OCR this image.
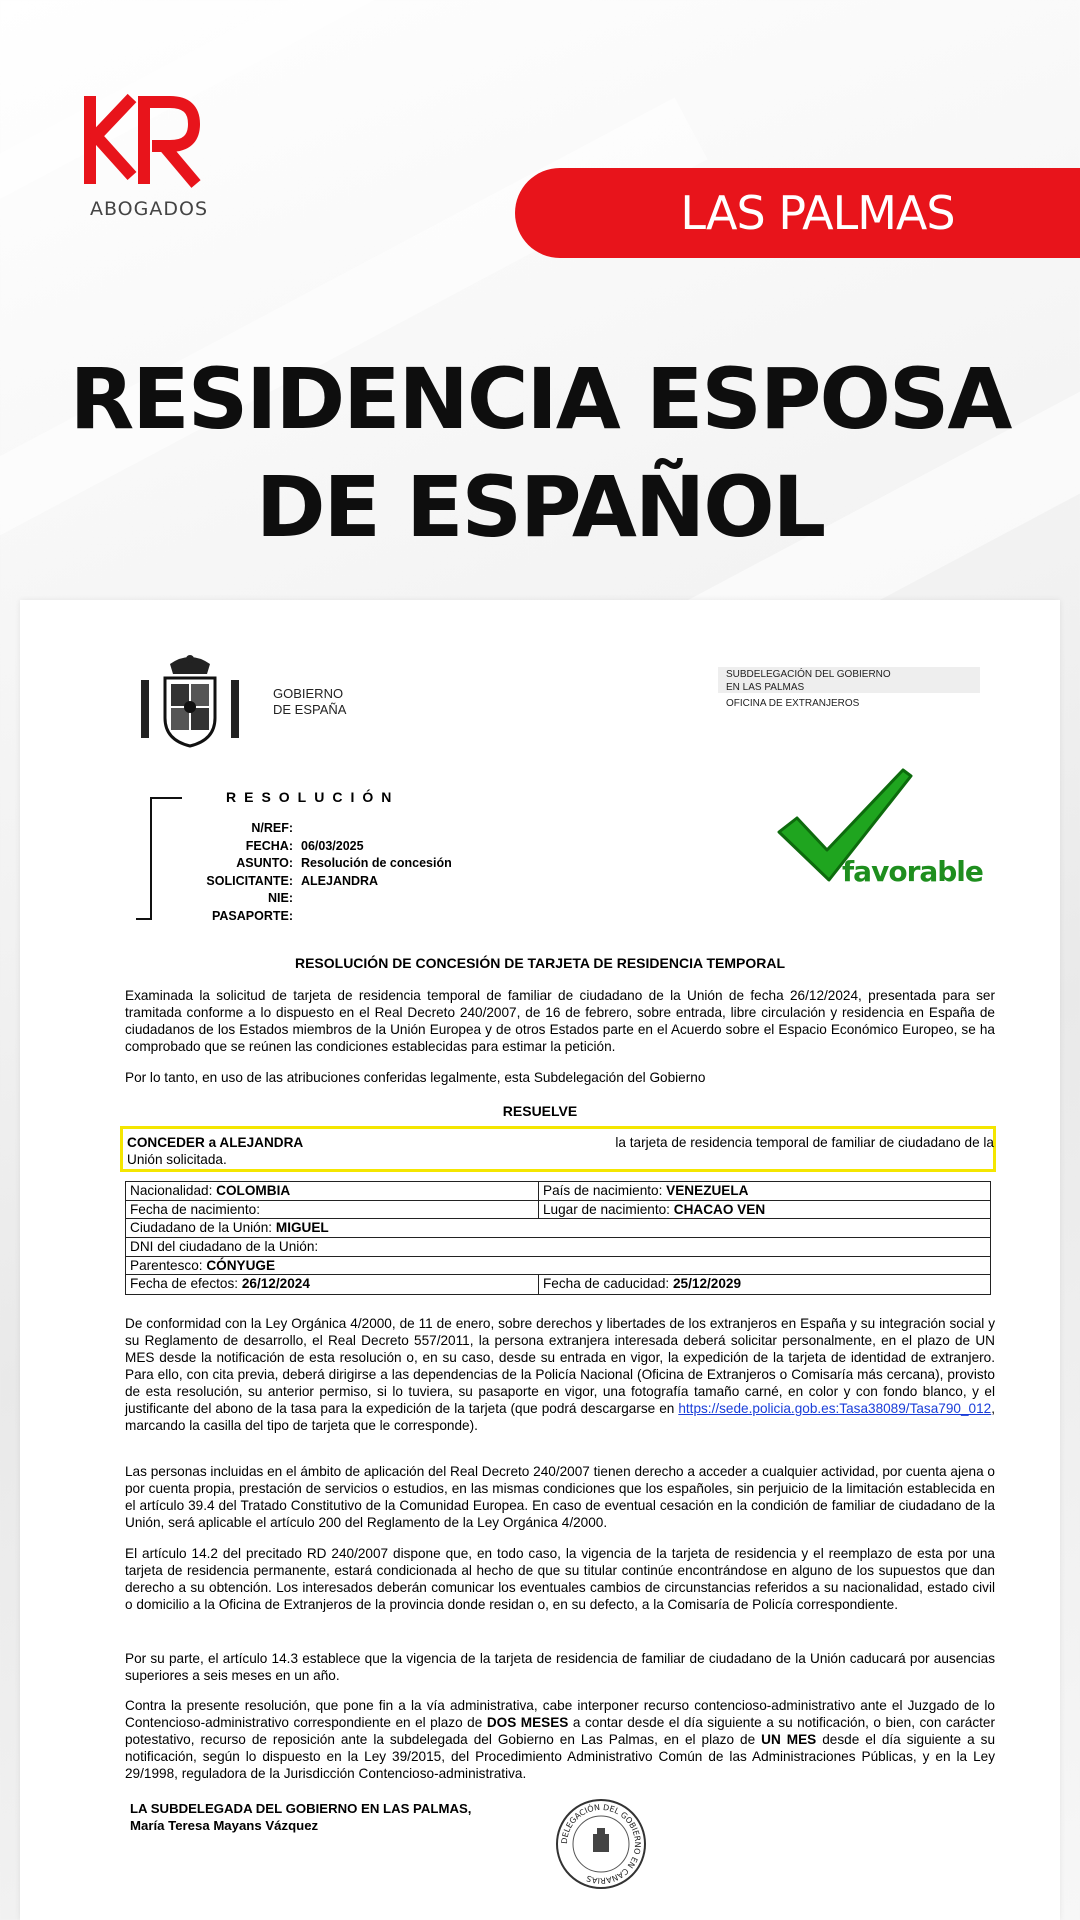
ABOGADOS	LAS PALMAS
RESIDENCIA ESPOSA
DE ESPAÑOL
GOBIERNO
DE ESPAÑA
SUBDELEGACIÓN DEL GOBIERNO
EN LAS PALMAS
OFICINA DE EXTRANJEROS
RESOLUCIÓN
N/REF:
FECHA: 06/03/2025
ASUNTO: Resolución de concesión
SOLICITANTE: ALEJANDRA
NIE:
PASAPORTE:
favorable
RESOLUCIÓN DE CONCESIÓN DE TARJETA DE RESIDENCIA TEMPORAL
Examinada la solicitud de tarjeta de residencia temporal de familiar de ciudadano de la Unión de fecha 26/12/2024, presentada para ser tramitada conforme a lo dispuesto en el Real Decreto 240/2007, de 16 de febrero, sobre entrada, libre circulación y residencia en España de ciudadanos de los Estados miembros de la Unión Europea y de otros Estados parte en el Acuerdo sobre el Espacio Económico Europeo, se ha comprobado que se reúnen las condiciones establecidas para estimar la petición.
Por lo tanto, en uso de las atribuciones conferidas legalmente, esta Subdelegación del Gobierno
RESUELVE
CONCEDER a ALEJANDRA	la tarjeta de residencia temporal de familiar de ciudadano de la
Unión solicitada.
Nacionalidad: COLOMBIA	País de nacimiento: VENEZUELA
Fecha de nacimiento:	Lugar de nacimiento: CHACAO VEN
Ciudadano de la Unión: MIGUEL
DNI del ciudadano de la Unión:
Parentesco: CÓNYUGE
Fecha de efectos: 26/12/2024	Fecha de caducidad: 25/12/2029
De conformidad con la Ley Orgánica 4/2000, de 11 de enero, sobre derechos y libertades de los extranjeros en España y su integración social y su Reglamento de desarrollo, el Real Decreto 557/2011, la persona extranjera interesada deberá solicitar personalmente, en el plazo de UN MES desde la notificación de esta resolución o, en su caso, desde su entrada en vigor, la expedición de la tarjeta de identidad de extranjero. Para ello, con cita previa, deberá dirigirse a las dependencias de la Policía Nacional (Oficina de Extranjeros o Comisaría más cercana), provisto de esta resolución, su anterior permiso, si lo tuviera, su pasaporte en vigor, una fotografía tamaño carné, en color y con fondo blanco, y el justificante del abono de la tasa para la expedición de la tarjeta (que podrá descargarse en https://sede.policia.gob.es:Tasa38089/Tasa790_012, marcando la casilla del tipo de tarjeta que le corresponde).
Las personas incluidas en el ámbito de aplicación del Real Decreto 240/2007 tienen derecho a acceder a cualquier actividad, por cuenta ajena o por cuenta propia, prestación de servicios o estudios, en las mismas condiciones que los españoles, sin perjuicio de la limitación establecida en el artículo 39.4 del Tratado Constitutivo de la Comunidad Europea. En caso de eventual cesación en la condición de familiar de ciudadano de la Unión, será aplicable el artículo 200 del Reglamento de la Ley Orgánica 4/2000.
El artículo 14.2 del precitado RD 240/2007 dispone que, en todo caso, la vigencia de la tarjeta de residencia y el reemplazo de esta por una tarjeta de residencia permanente, estará condicionada al hecho de que su titular continúe encontrándose en alguno de los supuestos que dan derecho a su obtención. Los interesados deberán comunicar los eventuales cambios de circunstancias referidos a su nacionalidad, estado civil o domicilio a la Oficina de Extranjeros de la provincia donde residan o, en su defecto, a la Comisaría de Policía correspondiente.
Por su parte, el artículo 14.3 establece que la vigencia de la tarjeta de residencia de familiar de ciudadano de la Unión caducará por ausencias superiores a seis meses en un año.
Contra la presente resolución, que pone fin a la vía administrativa, cabe interponer recurso contencioso-administrativo ante el Juzgado de lo Contencioso-administrativo correspondiente en el plazo de DOS MESES a contar desde el día siguiente a su notificación, o bien, con carácter potestativo, recurso de reposición ante la subdelegada del Gobierno en Las Palmas, en el plazo de UN MES desde el día siguiente a su notificación, según lo dispuesto en la Ley 39/2015, del Procedimiento Administrativo Común de las Administraciones Públicas, y en la Ley 29/1998, reguladora de la Jurisdicción Contencioso-administrativa.
LA SUBDELEGADA DEL GOBIERNO EN LAS PALMAS,
María Teresa Mayans Vázquez
DELEGACIÓN DEL GOBIERNO EN CANARIAS
